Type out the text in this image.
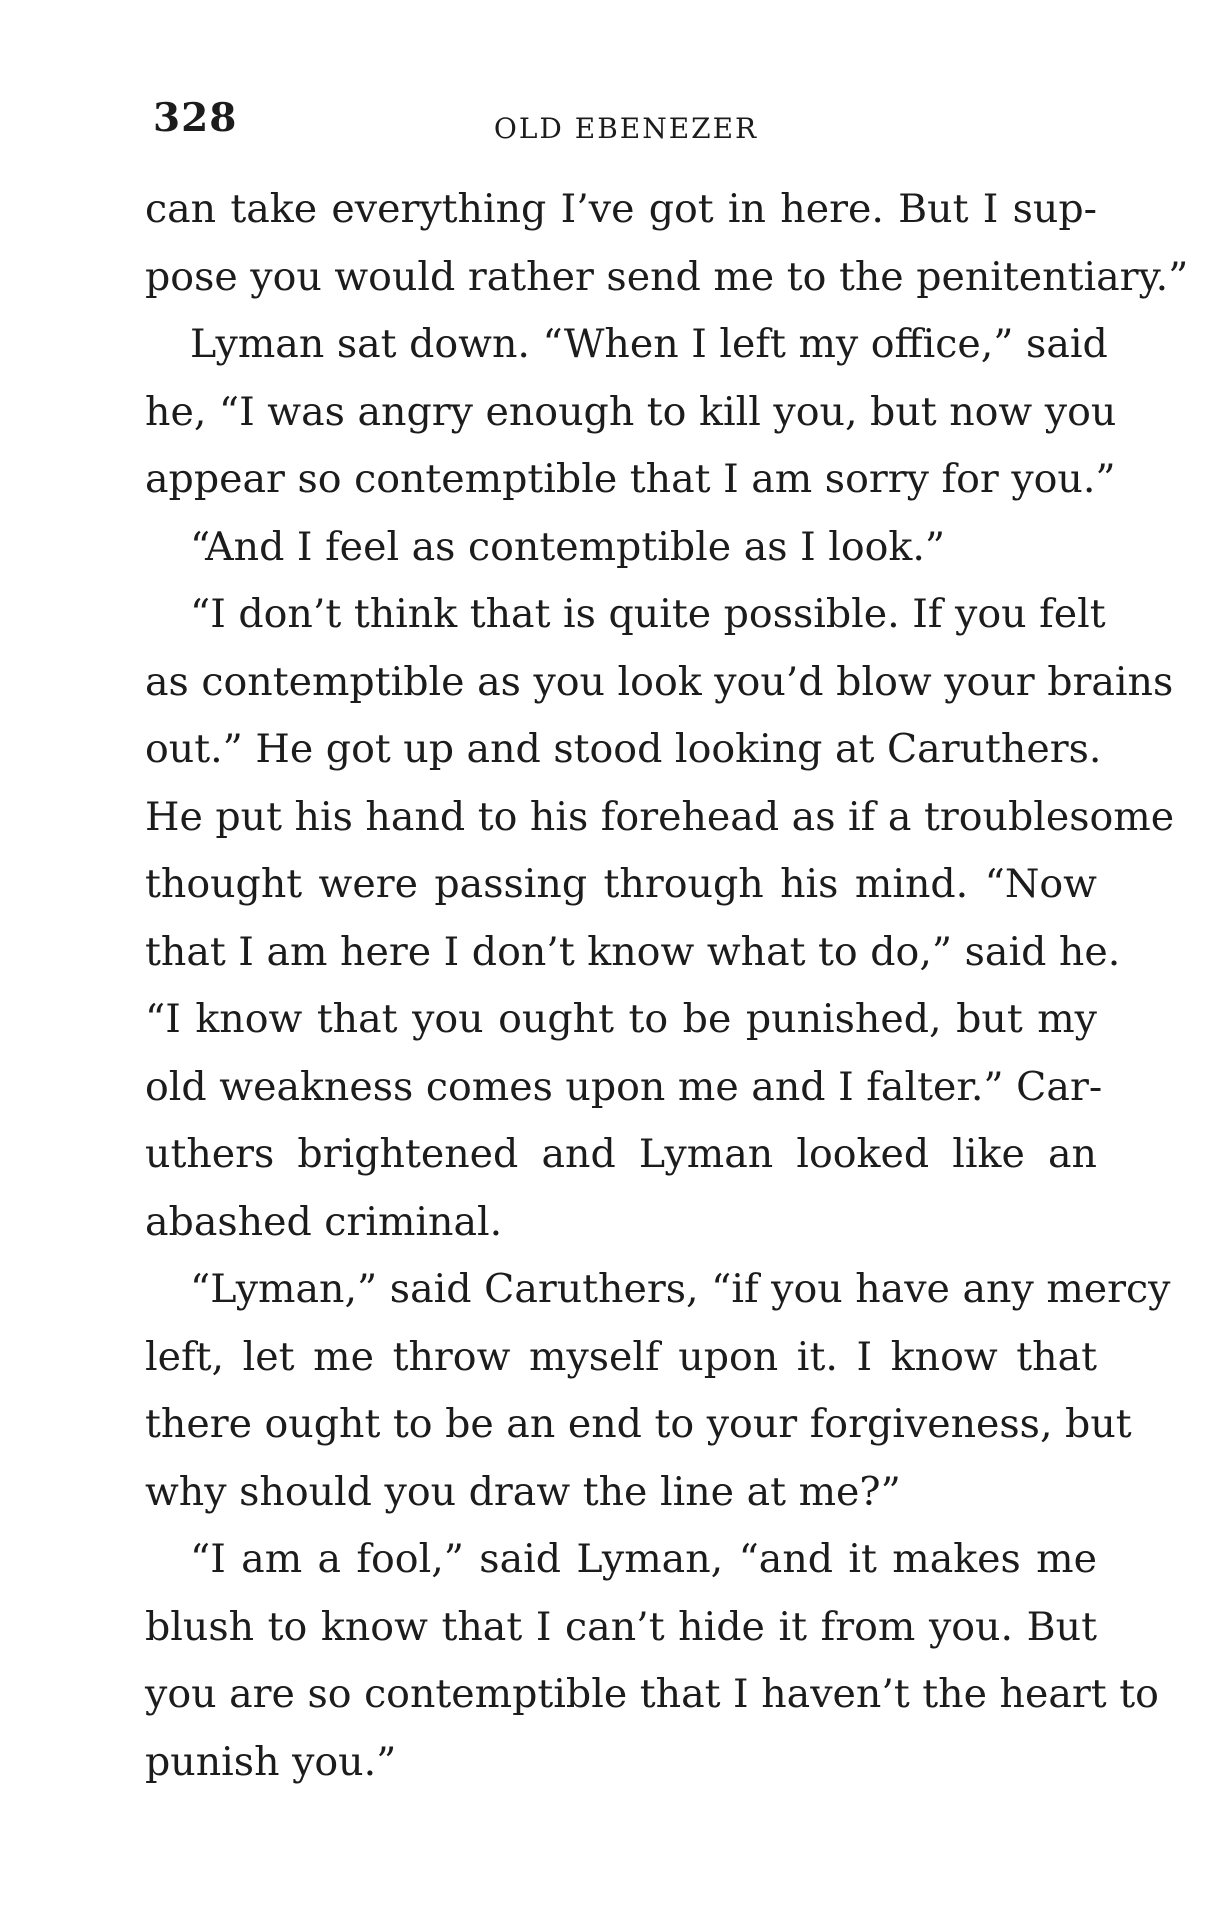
328	OLD EBENEZER
can take everything I’ve got in here. But I sup-
pose you would rather send me to the penitentiary.”
Lyman sat down. “When I left my office,” said
he, “I was angry enough to kill you, but now you
appear so contemptible that I am sorry for you.”
“And I feel as contemptible as I look.”
“I don’t think that is quite possible. If you felt
as contemptible as you look you’d blow your brains
out.” He got up and stood looking at Caruthers.
He put his hand to his forehead as if a troublesome
thought were passing through his mind. “Now
that I am here I don’t know what to do,” said he.
“I know that you ought to be punished, but my
old weakness comes upon me and I falter.” Car-
uthers brightened and Lyman looked like an
abashed criminal.
“Lyman,” said Caruthers, “if you have any mercy
left, let me throw myself upon it. I know that
there ought to be an end to your forgiveness, but
why should you draw the line at me?”
“I am a fool,” said Lyman, “and it makes me
blush to know that I can’t hide it from you. But
you are so contemptible that I haven’t the heart to
punish you.”
